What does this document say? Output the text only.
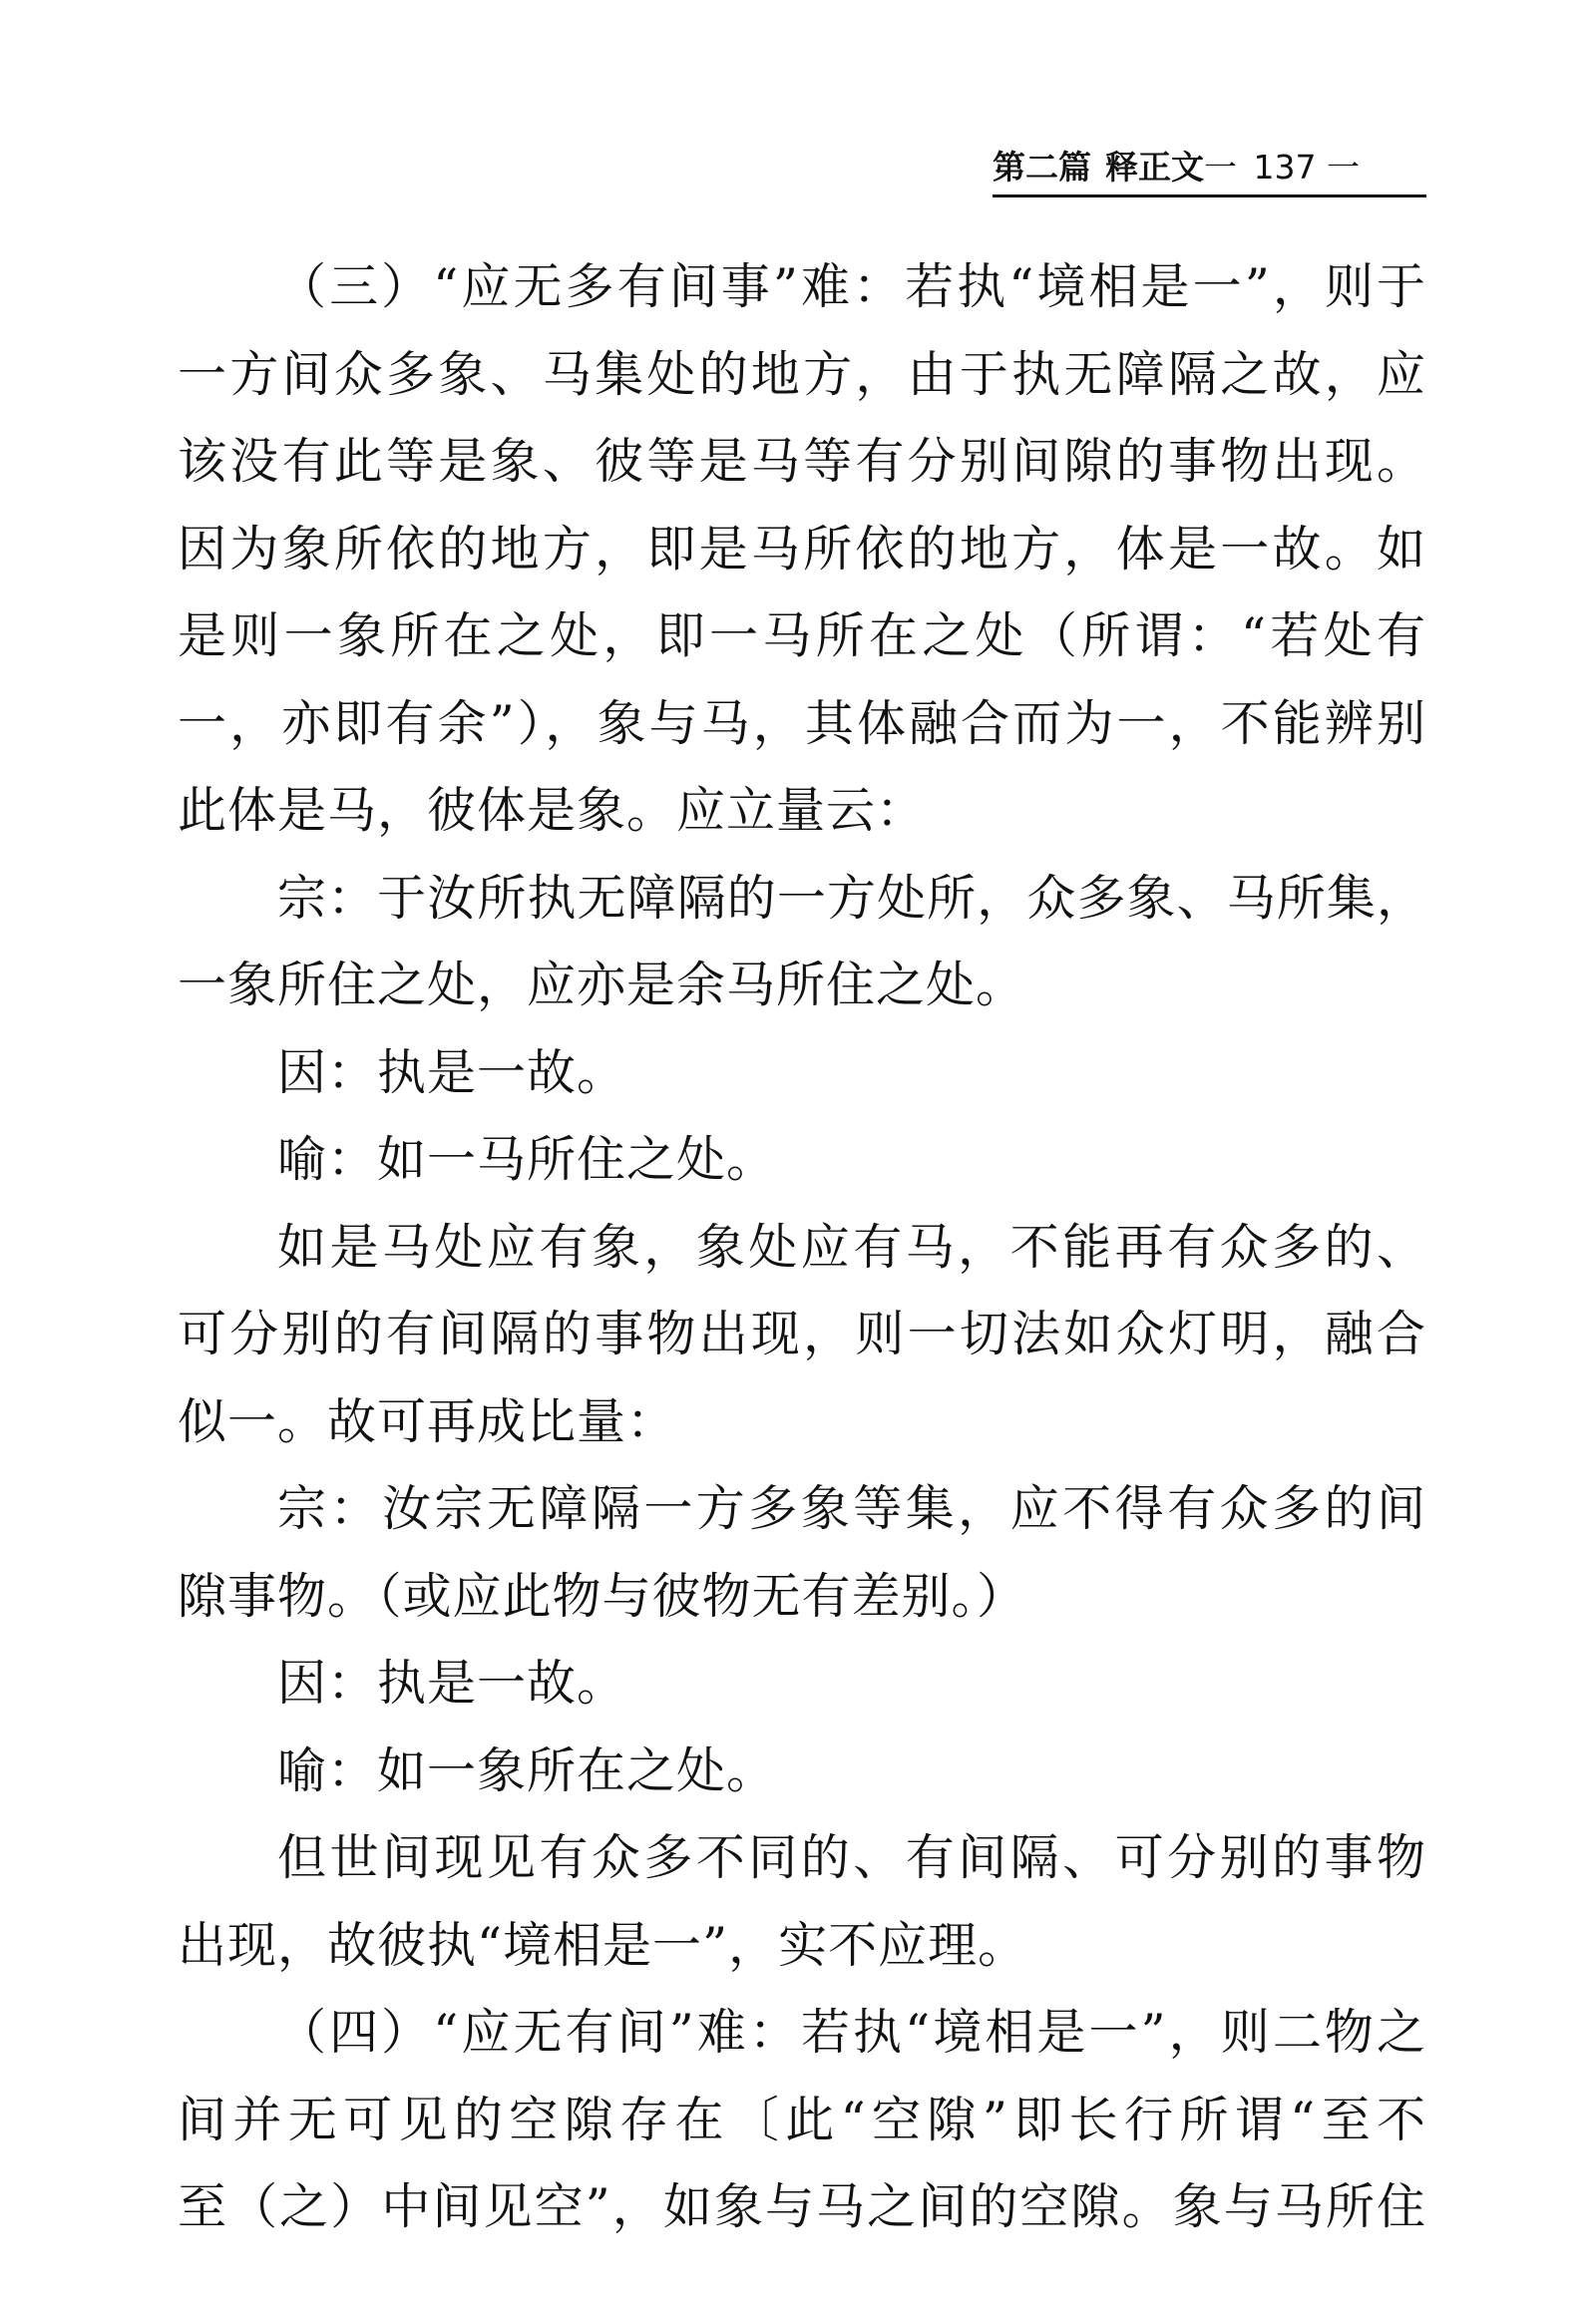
第二篇 释正文一 137 一
（三）“应无多有间事”难：若执“境相是一”，则于
一方间众多象、马集处的地方，由于执无障隔之故，应
该没有此等是象、彼等是马等有分别间隙的事物出现。
因为象所依的地方，即是马所依的地方，体是一故。如
是则一象所在之处，即一马所在之处（所谓：“若处有
一，亦即有余”），象与马，其体融合而为一，不能辨别
此体是马，彼体是象。应立量云：
宗：于汝所执无障隔的一方处所，众多象、马所集，
一象所住之处，应亦是余马所住之处。
因：执是一故。
喻：如一马所住之处。
如是马处应有象，象处应有马，不能再有众多的、
可分别的有间隔的事物出现，则一切法如众灯明，融合
似一。故可再成比量：
宗：汝宗无障隔一方多象等集，应不得有众多的间
隙事物。（或应此物与彼物无有差别。）
因：执是一故。
喻：如一象所在之处。
但世间现见有众多不同的、有间隔、可分别的事物
出现，故彼执“境相是一”，实不应理。
（四）“应无有间”难：若执“境相是一”，则二物之
间并无可见的空隙存在〔此“空隙”即长行所谓“至不
至（之）中间见空”，如象与马之间的空隙。象与马所住
